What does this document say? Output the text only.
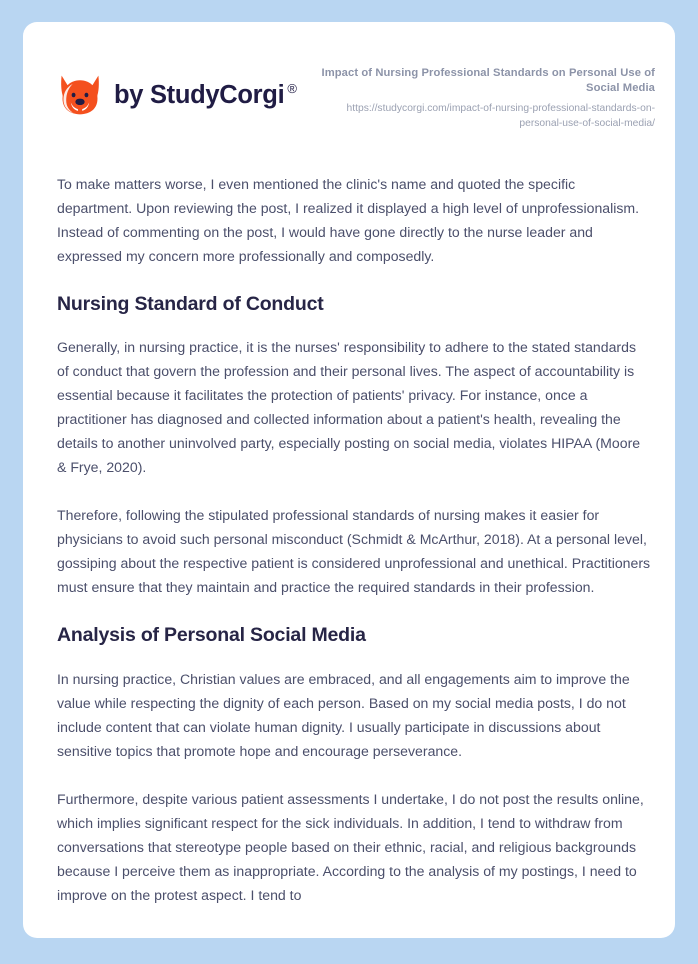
by StudyCorgi ®
Impact of Nursing Professional Standards on Personal Use of Social Media
https://studycorgi.com/impact-of-nursing-professional-standards-on-personal-use-of-social-media/

To make matters worse, I even mentioned the clinic's name and quoted the specific department. Upon reviewing the post, I realized it displayed a high level of unprofessionalism. Instead of commenting on the post, I would have gone directly to the nurse leader and expressed my concern more professionally and composedly.

Nursing Standard of Conduct

Generally, in nursing practice, it is the nurses' responsibility to adhere to the stated standards of conduct that govern the profession and their personal lives. The aspect of accountability is essential because it facilitates the protection of patients' privacy. For instance, once a practitioner has diagnosed and collected information about a patient's health, revealing the details to another uninvolved party, especially posting on social media, violates HIPAA (Moore & Frye, 2020).

Therefore, following the stipulated professional standards of nursing makes it easier for physicians to avoid such personal misconduct (Schmidt & McArthur, 2018). At a personal level, gossiping about the respective patient is considered unprofessional and unethical. Practitioners must ensure that they maintain and practice the required standards in their profession.

Analysis of Personal Social Media

In nursing practice, Christian values are embraced, and all engagements aim to improve the value while respecting the dignity of each person. Based on my social media posts, I do not include content that can violate human dignity. I usually participate in discussions about sensitive topics that promote hope and encourage perseverance.

Furthermore, despite various patient assessments I undertake, I do not post the results online, which implies significant respect for the sick individuals. In addition, I tend to withdraw from conversations that stereotype people based on their ethnic, racial, and religious backgrounds because I perceive them as inappropriate. According to the analysis of my postings, I need to improve on the protest aspect. I tend to
